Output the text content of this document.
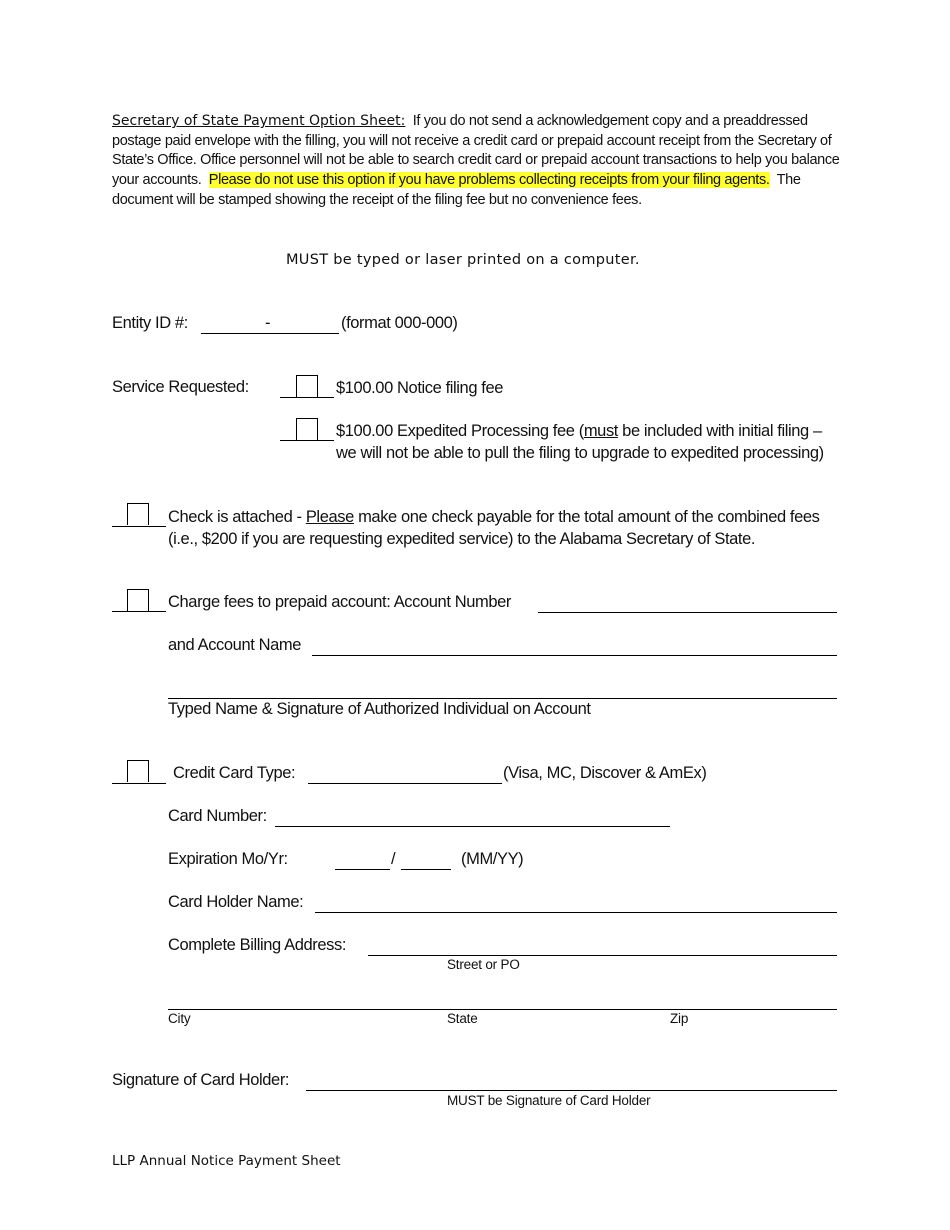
Secretary of State Payment Option Sheet: If you do not send a acknowledgement copy and a preaddressed postage paid envelope with the filling, you will not receive a credit card or prepaid account receipt from the Secretary of State’s Office. Office personnel will not be able to search credit card or prepaid account transactions to help you balance your accounts. Please do not use this option if you have problems collecting receipts from your filing agents. The document will be stamped showing the receipt of the filing fee but no convenience fees.
MUST be typed or laser printed on a computer.
Entity ID #:	-	(format 000-000)
Service Requested:	$100.00 Notice filing fee
$100.00 Expedited Processing fee (must be included with initial filing – we will not be able to pull the filing to upgrade to expedited processing)
Check is attached - Please make one check payable for the total amount of the combined fees (i.e., $200 if you are requesting expedited service) to the Alabama Secretary of State.
Charge fees to prepaid account: Account Number
and Account Name
Typed Name & Signature of Authorized Individual on Account
Credit Card Type:	(Visa, MC, Discover & AmEx)
Card Number:
Expiration Mo/Yr:	/	(MM/YY)
Card Holder Name:
Complete Billing Address:
Street or PO
City	State	Zip
Signature of Card Holder:
MUST be Signature of Card Holder
LLP Annual Notice Payment Sheet
